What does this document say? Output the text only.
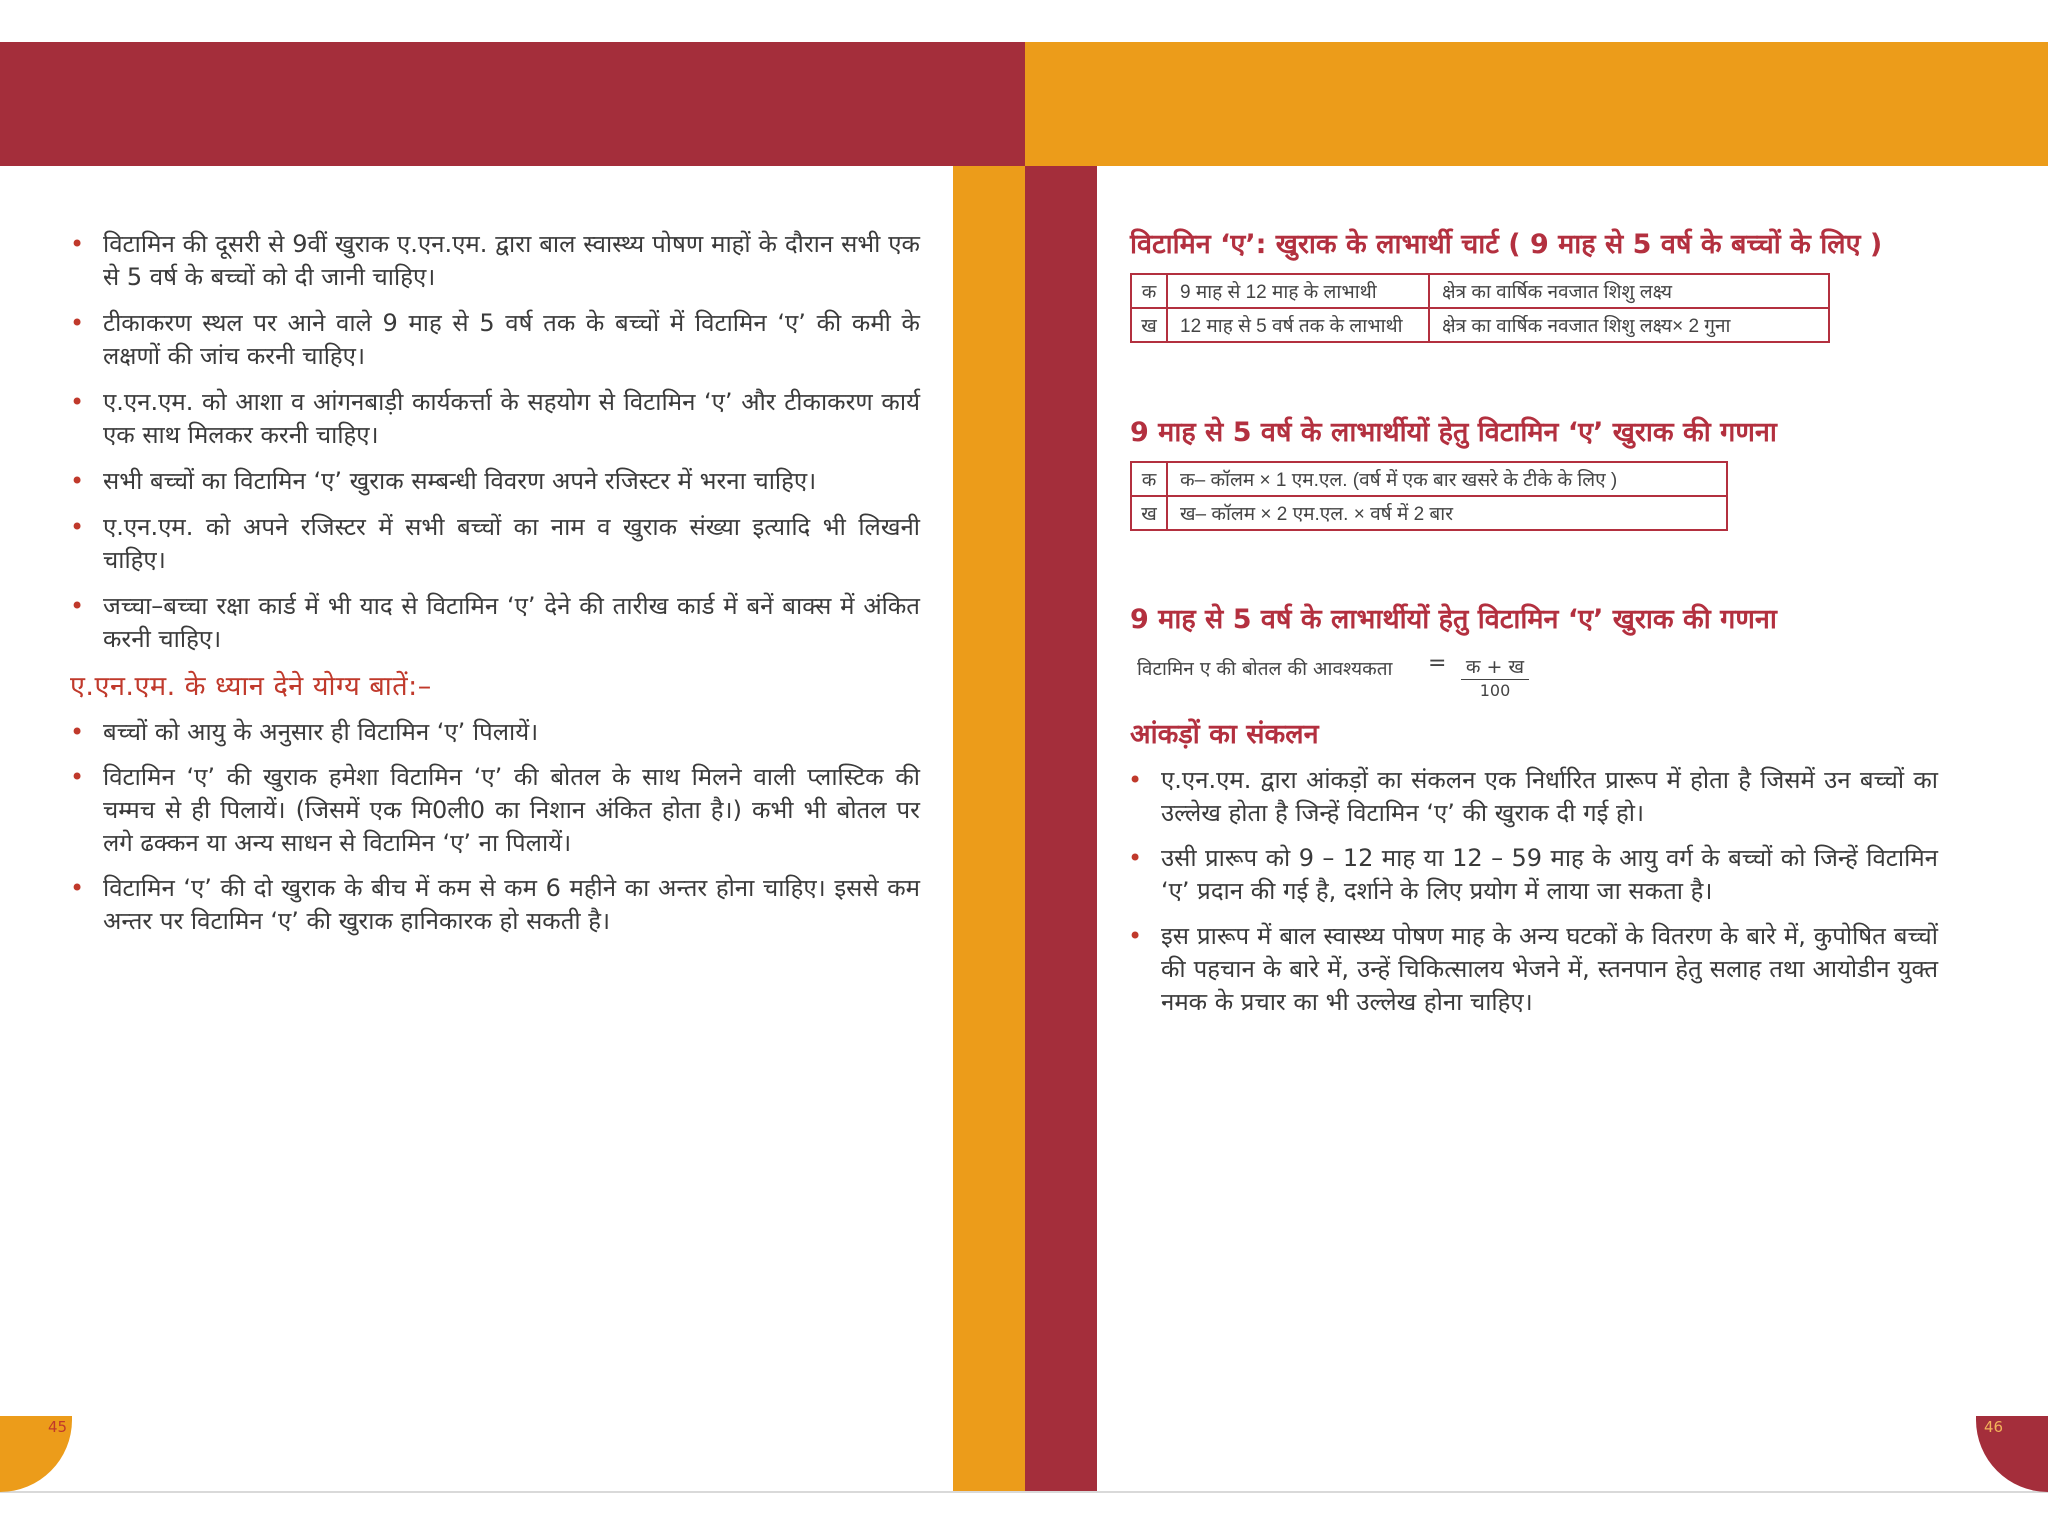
45	46
• विटामिन की दूसरी से 9वीं खुराक ए.एन.एम. द्वारा बाल स्वास्थ्य पोषण माहों के दौरान सभी एक से 5 वर्ष के बच्चों को दी जानी चाहिए।
• टीकाकरण स्थल पर आने वाले 9 माह से 5 वर्ष तक के बच्चों में विटामिन ‘ए’ की कमी के लक्षणों की जांच करनी चाहिए।
• ए.एन.एम. को आशा व आंगनबाड़ी कार्यकर्त्ता के सहयोग से विटामिन ‘ए’ और टीकाकरण कार्य एक साथ मिलकर करनी चाहिए।
• सभी बच्चों का विटामिन ‘ए’ खुराक सम्बन्धी विवरण अपने रजिस्टर में भरना चाहिए।
• ए.एन.एम. को अपने रजिस्टर में सभी बच्चों का नाम व खुराक संख्या इत्यादि भी लिखनी चाहिए।
• जच्चा–बच्चा रक्षा कार्ड में भी याद से विटामिन ‘ए’ देने की तारीख कार्ड में बनें बाक्स में अंकित करनी चाहिए।
ए.एन.एम. के ध्यान देने योग्य बातें:–
• बच्चों को आयु के अनुसार ही विटामिन ‘ए’ पिलायें।
• विटामिन ‘ए’ की खुराक हमेशा विटामिन ‘ए’ की बोतल के साथ मिलने वाली प्लास्टिक की चम्मच से ही पिलायें। (जिसमें एक मि0ली0 का निशान अंकित होता है।) कभी भी बोतल पर लगे ढक्कन या अन्य साधन से विटामिन ‘ए’ ना पिलायें।
• विटामिन ‘ए’ की दो खुराक के बीच में कम से कम 6 महीने का अन्तर होना चाहिए। इससे कम अन्तर पर विटामिन ‘ए’ की खुराक हानिकारक हो सकती है।
विटामिन ‘ए’: खुराक के लाभार्थी चार्ट ( 9 माह से 5 वर्ष के बच्चों के लिए )
क	9 माह से 12 माह के लाभाथी	क्षेत्र का वार्षिक नवजात शिशु लक्ष्य
ख	12 माह से 5 वर्ष तक के लाभाथी	क्षेत्र का वार्षिक नवजात शिशु लक्ष्य× 2 गुना
9 माह से 5 वर्ष के लाभार्थीयों हेतु विटामिन ‘ए’ खुराक की गणना
क	क– कॉलम × 1 एम.एल. (वर्ष में एक बार खसरे के टीके के लिए )
ख	ख– कॉलम × 2 एम.एल. × वर्ष में 2 बार
9 माह से 5 वर्ष के लाभार्थीयों हेतु विटामिन ‘ए’ खुराक की गणना
विटामिन ए की बोतल की आवश्यकता = क + ख
100
आंकड़ों का संकलन
• ए.एन.एम. द्वारा आंकड़ों का संकलन एक निर्धारित प्रारूप में होता है जिसमें उन बच्चों का उल्लेख होता है जिन्हें विटामिन ‘ए’ की खुराक दी गई हो।
• उसी प्रारूप को 9 – 12 माह या 12 – 59 माह के आयु वर्ग के बच्चों को जिन्हें विटामिन ‘ए’ प्रदान की गई है, दर्शाने के लिए प्रयोग में लाया जा सकता है।
• इस प्रारूप में बाल स्वास्थ्य पोषण माह के अन्य घटकों के वितरण के बारे में, कुपोषित बच्चों की पहचान के बारे में, उन्हें चिकित्सालय भेजने में, स्तनपान हेतु सलाह तथा आयोडीन युक्त नमक के प्रचार का भी उल्लेख होना चाहिए।
